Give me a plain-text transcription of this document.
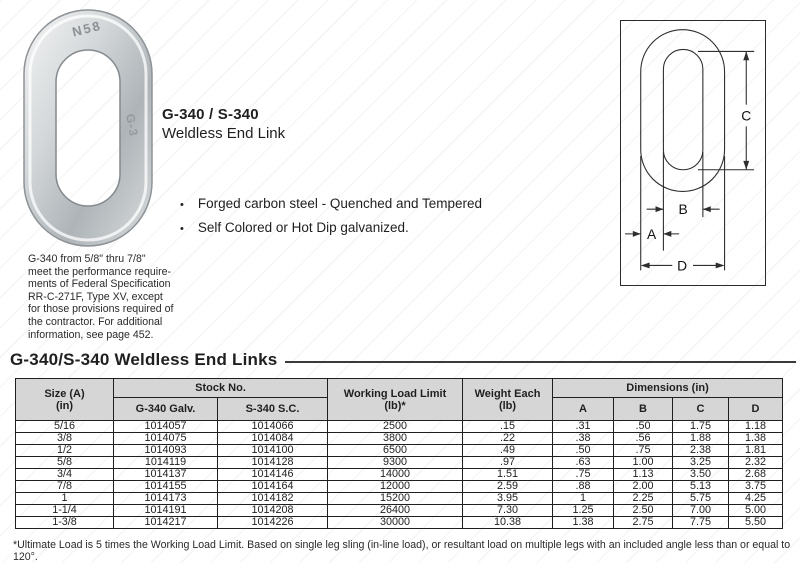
N58
G-3 G-340 / S-340
Weldless End Link
• Forged carbon steel - Quenched and Tempered
• Self Colored or Hot Dip galvanized.
G-340 from 5/8" thru 7/8"
meet the performance require-
ments of Federal Specification
RR-C-271F, Type XV, except
for those provisions required of
the contractor. For additional
information, see page 452.
C
B
A
D
G-340/S-340 Weldless End Links
Size (A)
(in)
	Stock No.	Working Load Limit
(lb)*

Weight Each
(lb)
	Dimensions (in)
	G-340 Galv.	S-340 S.C.			A	B	C	D
5/16	1014057	1014066	2500	.15	.31	.50	1.75	1.18
3/8	1014075	1014084	3800	.22	.38	.56	1.88	1.38
1/2	1014093	1014100	6500	.49	.50	.75	2.38	1.81
5/8	1014119	1014128	9300	.97	.63	1.00	3.25	2.32
3/4	1014137	1014146	14000	1.51	.75	1.13	3.50	2.68
7/8	1014155	1014164	12000	2.59	.88	2.00	5.13	3.75
1	1014173	1014182	15200	3.95	1	2.25	5.75	4.25
1-1/4	1014191	1014208	26400	7.30	1.25	2.50	7.00	5.00
1-3/8	1014217	1014226	30000	10.38	1.38	2.75	7.75	5.50
*Ultimate Load is 5 times the Working Load Limit. Based on single leg sling (in-line load), or resultant load on multiple legs with an included angle less than or equal to 120°.
